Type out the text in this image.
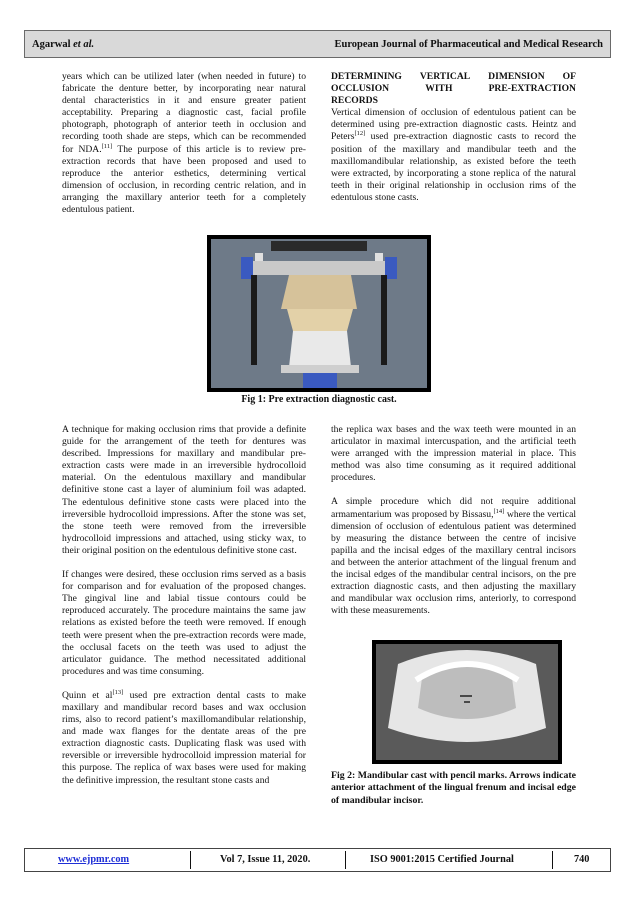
Agarwal et al.	European Journal of Pharmaceutical and Medical Research

years which can be utilized later (when needed in future) to fabricate the denture better, by incorporating near natural dental characteristics in it and ensure greater patient acceptability. Preparing a diagnostic cast, facial profile photograph, photograph of anterior teeth in occlusion and recording tooth shade are steps, which can be recommended for NDA.[11] The purpose of this article is to review pre-extraction records that have been proposed and used to reproduce the anterior esthetics, determining vertical dimension of occlusion, in recording centric relation, and in arranging the maxillary anterior teeth for a completely edentulous patient.

DETERMINING VERTICAL DIMENSION OF
OCCLUSION	WITH	PRE-EXTRACTION
RECORDS

Vertical dimension of occlusion of edentulous patient can be determined using pre-extraction diagnostic casts. Heintz and Peters[12] used pre-extraction diagnostic casts to record the position of the maxillary and mandibular teeth and the maxillomandibular relationship, as existed before the teeth were extracted, by incorporating a stone replica of the natural teeth in their original relationship in occlusion rims of the edentulous stone casts.

Fig 1: Pre extraction diagnostic cast.

A technique for making occlusion rims that provide a definite guide for the arrangement of the teeth for dentures was described. Impressions for maxillary and mandibular pre-extraction casts were made in an irreversible hydrocolloid material. On the edentulous maxillary and mandibular definitive stone cast a layer of aluminium foil was adapted. The edentulous definitive stone casts were placed into the irreversible hydrocolloid impressions. After the stone was set, the stone teeth were removed from the irreversible hydrocolloid impressions and attached, using sticky wax, to their original position on the edentulous definitive stone cast.

If changes were desired, these occlusion rims served as a basis for comparison and for evaluation of the proposed changes. The gingival line and labial tissue contours could be reproduced accurately. The procedure maintains the same jaw relations as existed before the teeth were removed. If enough teeth were present when the pre-extraction records were made, the occlusal facets on the teeth was used to adjust the articulator guidance. The method necessitated additional procedures and was time consuming.

Quinn et al[13] used pre extraction dental casts to make maxillary and mandibular record bases and wax occlusion rims, also to record patient’s maxillomandibular relationship, and made wax flanges for the dentate areas of the pre extraction diagnostic casts. Duplicating flask was used with reversible or irreversible hydrocolloid impression material for this purpose. The replica of wax bases were used for making the definitive impression, the resultant stone casts and

the replica wax bases and the wax teeth were mounted in an articulator in maximal intercuspation, and the artificial teeth were arranged with the impression material in place. This method was also time consuming as it required additional procedures.

A simple procedure which did not require additional armamentarium was proposed by Bissasu,[14] where the vertical dimension of occlusion of edentulous patient was determined by measuring the distance between the centre of incisive papilla and the incisal edges of the maxillary central incisors and between the anterior attachment of the lingual frenum and the incisal edges of the mandibular central incisors, on the pre extraction diagnostic casts, and then adjusting the maxillary and mandibular wax occlusion rims, anteriorly, to correspond with these measurements.

Fig 2: Mandibular cast with pencil marks. Arrows indicate anterior attachment of the lingual frenum and incisal edge of mandibular incisor.
www.ejpmr.com	Vol 7, Issue 11, 2020.	ISO 9001:2015 Certified Journal	740
